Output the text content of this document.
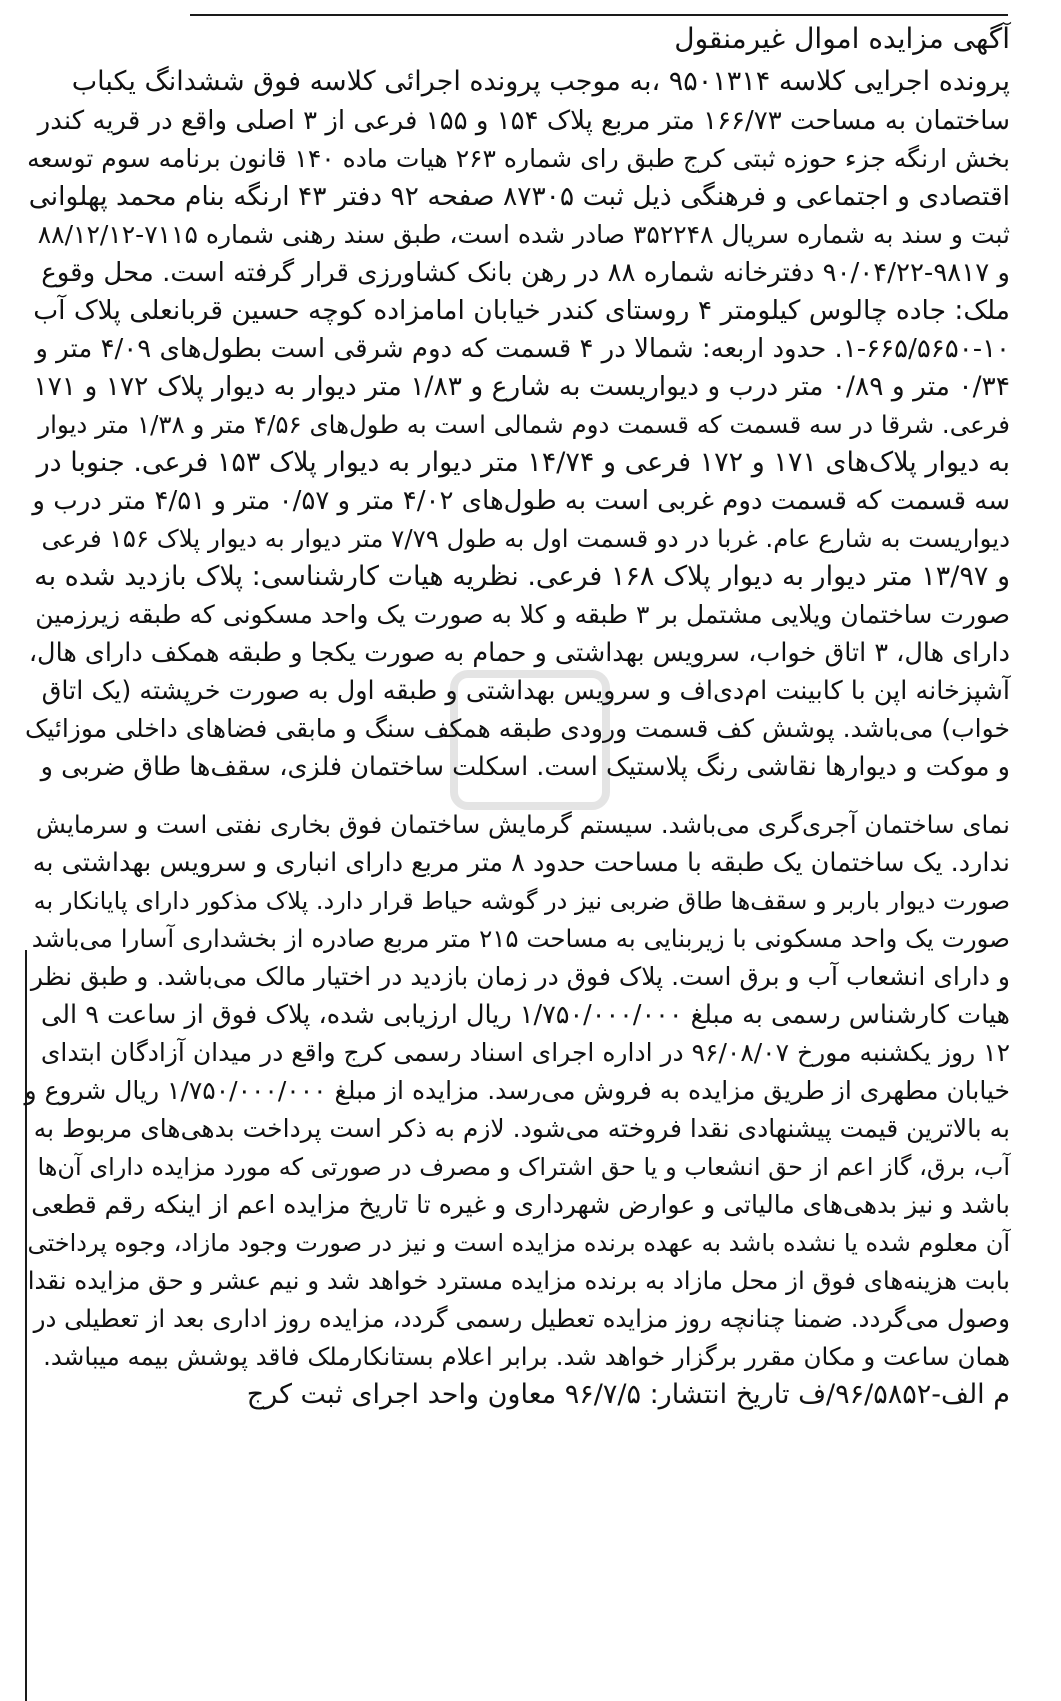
آگهی مزایده اموال غیرمنقول
پرونده اجرایی کلاسه ۹۵۰۱۳۱۴ ،به موجب پرونده اجرائی کلاسه فوق ششدانگ یکباب
ساختمان به مساحت ۱۶۶/۷۳ متر مربع پلاک ۱۵۴ و ۱۵۵ فرعی از ۳ اصلی واقع در قریه کندر
بخش ارنگه جزء حوزه ثبتی کرج طبق رای شماره ۲۶۳ هیات ماده ۱۴۰ قانون برنامه سوم توسعه
اقتصادی و اجتماعی و فرهنگی ذیل ثبت ۸۷۳۰۵ صفحه ۹۲ دفتر ۴۳ ارنگه بنام محمد پهلوانی
ثبت و سند به شماره سریال ۳۵۲۲۴۸ صادر شده است، طبق سند رهنی شماره ۷۱۱۵-۸۸/۱۲/۱۲
و ۹۸۱۷-۹۰/۰۴/۲۲ دفترخانه شماره ۸۸ در رهن بانک کشاورزی قرار گرفته است. محل وقوع
ملک: جاده چالوس کیلومتر ۴ روستای کندر خیابان امامزاده کوچه حسین قربانعلی پلاک آب
۱-۶۶۵/۵۶۵۰-۱۰. حدود اربعه: شمالا در ۴ قسمت که دوم شرقی است بطول‌های ۴/۰۹ متر و
۰/۳۴ متر و ۰/۸۹ متر درب و دیواریست به شارع و ۱/۸۳ متر دیوار به دیوار پلاک ۱۷۲ و ۱۷۱
فرعی. شرقا در سه قسمت که قسمت دوم شمالی است به طول‌های ۴/۵۶ متر و ۱/۳۸ متر دیوار
به دیوار پلاک‌های ۱۷۱ و ۱۷۲ فرعی و ۱۴/۷۴ متر دیوار به دیوار پلاک ۱۵۳ فرعی. جنوبا در
سه قسمت که قسمت دوم غربی است به طول‌های ۴/۰۲ متر و ۰/۵۷ متر و ۴/۵۱ متر درب و
دیواریست به شارع عام. غربا در دو قسمت اول به طول ۷/۷۹ متر دیوار به دیوار پلاک ۱۵۶ فرعی
و ۱۳/۹۷ متر دیوار به دیوار پلاک ۱۶۸ فرعی. نظریه هیات کارشناسی: پلاک بازدید شده به
صورت ساختمان ویلایی مشتمل بر ۳ طبقه و کلا به صورت یک واحد مسکونی که طبقه زیرزمین
دارای هال، ۳ اتاق خواب، سرویس بهداشتی و حمام به صورت یکجا و طبقه همکف دارای هال،
آشپزخانه اپن با کابینت ام‌دی‌اف و سرویس بهداشتی و طبقه اول به صورت خرپشته (یک اتاق
خواب) می‌باشد. پوشش کف قسمت ورودی طبقه همکف سنگ و مابقی فضاهای داخلی موزائیک
و موکت و دیوارها نقاشی رنگ پلاستیک است. اسکلت ساختمان فلزی، سقف‌ها طاق ضربی و
نمای ساختمان آجری‌گری می‌باشد. سیستم گرمایش ساختمان فوق بخاری نفتی است و سرمایش
ندارد. یک ساختمان یک طبقه با مساحت حدود ۸ متر مربع دارای انباری و سرویس بهداشتی به
صورت دیوار باربر و سقف‌ها طاق ضربی نیز در گوشه حیاط قرار دارد. پلاک مذکور دارای پایانکار به
صورت یک واحد مسکونی با زیربنایی به مساحت ۲۱۵ متر مربع صادره از بخشداری آسارا می‌باشد
و دارای انشعاب آب و برق است. پلاک فوق در زمان بازدید در اختیار مالک می‌باشد. و طبق نظر
هیات کارشناس رسمی به مبلغ ۱/۷۵۰/۰۰۰/۰۰۰ ریال ارزیابی شده، پلاک فوق از ساعت ۹ الی
۱۲ روز یکشنبه مورخ ۹۶/۰۸/۰۷ در اداره اجرای اسناد رسمی کرج واقع در میدان آزادگان ابتدای
خیابان مطهری از طریق مزایده به فروش می‌رسد. مزایده از مبلغ ۱/۷۵۰/۰۰۰/۰۰۰ ریال شروع و
به بالاترین قیمت پیشنهادی نقدا فروخته می‌شود. لازم به ذکر است پرداخت بدهی‌های مربوط به
آب، برق، گاز اعم از حق انشعاب و یا حق اشتراک و مصرف در صورتی که مورد مزایده دارای آن‌ها
باشد و نیز بدهی‌های مالیاتی و عوارض شهرداری و غیره تا تاریخ مزایده اعم از اینکه رقم قطعی
آن معلوم شده یا نشده باشد به عهده برنده مزایده است و نیز در صورت وجود مازاد، وجوه پرداختی
بابت هزینه‌های فوق از محل مازاد به برنده مزایده مسترد خواهد شد و نیم عشر و حق مزایده نقدا
وصول می‌گردد. ضمنا چنانچه روز مزایده تعطیل رسمی گردد، مزایده روز اداری بعد از تعطیلی در
همان ساعت و مکان مقرر برگزار خواهد شد. برابر اعلام بستانکارملک فاقد پوشش بیمه میباشد.
م الف-۹۶/۵۸۵۲/ف تاریخ انتشار: ۹۶/۷/۵ معاون واحد اجرای ثبت کرج
